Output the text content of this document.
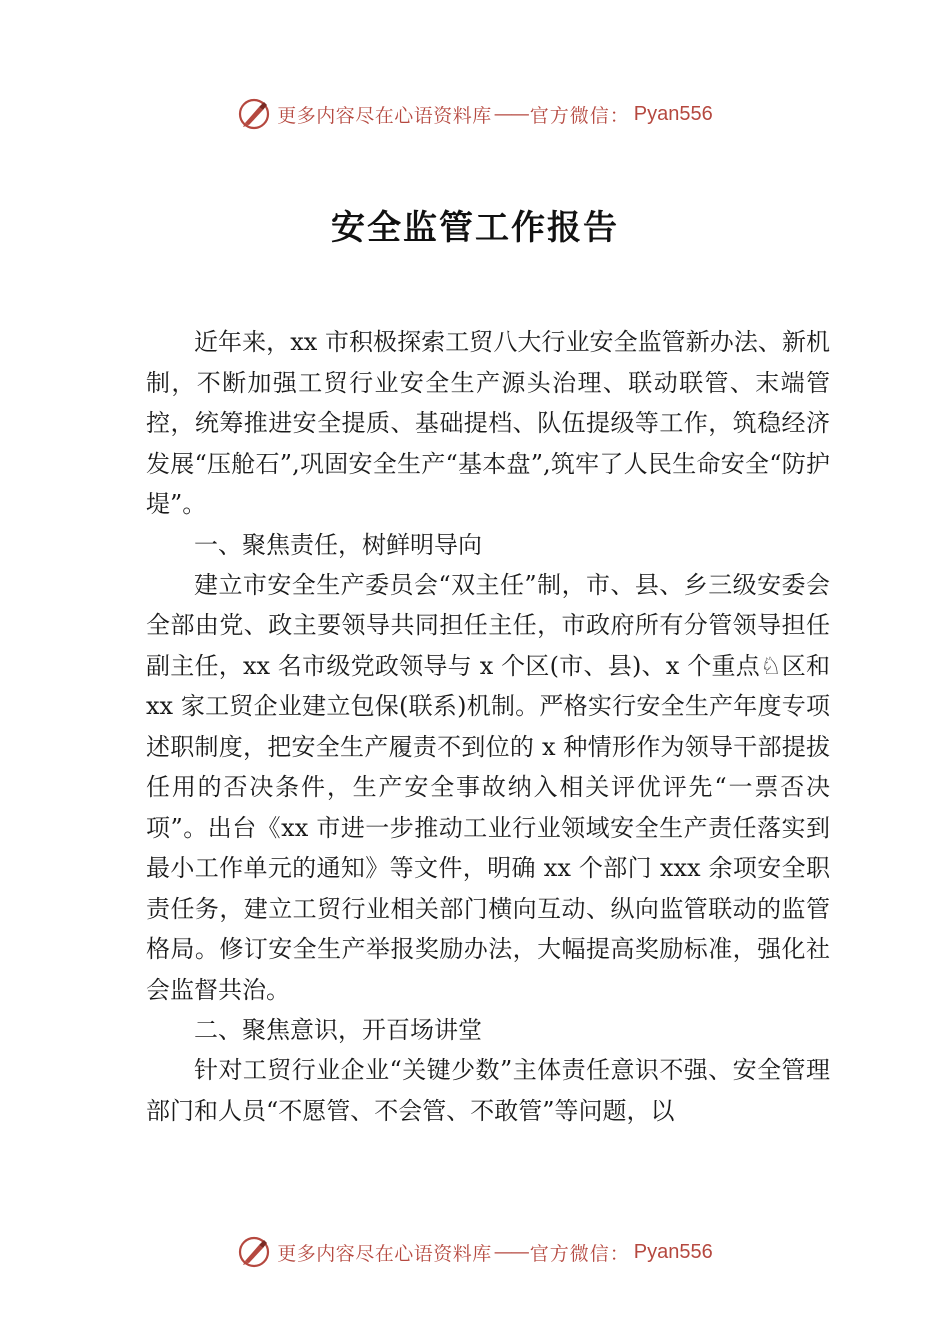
更多内容尽在心语资料库 —— 官方微信： Pyan556
安全监管工作报告

近年来，xx 市积极探索工贸八大行业安全监管新办法、新机制，不断加强工贸行业安全生产源头治理、联动联管、末端管控，统筹推进安全提质、基础提档、队伍提级等工作，筑稳经济发展“压舱石”,巩固安全生产“基本盘”,筑牢了人民生命安全“防护堤”。

一、聚焦责任，树鲜明导向

建立市安全生产委员会“双主任”制，市、县、乡三级安委会全部由党、政主要领导共同担任主任，市政府所有分管领导担任副主任，xx 名市级党政领导与 x 个区(市、县)、x 个重点♘区和 xx 家工贸企业建立包保(联系)机制。严格实行安全生产年度专项述职制度，把安全生产履责不到位的 x 种情形作为领导干部提拔任用的否决条件，生产安全事故纳入相关评优评先“一票否决项”。出台《xx 市进一步推动工业行业领域安全生产责任落实到最小工作单元的通知》等文件，明确 xx 个部门 xxx 余项安全职责任务，建立工贸行业相关部门横向互动、纵向监管联动的监管格局。修订安全生产举报奖励办法，大幅提高奖励标准，强化社会监督共治。

二、聚焦意识，开百场讲堂

针对工贸行业企业“关键少数”主体责任意识不强、安全管理部门和人员“不愿管、不会管、不敢管”等问题，以

更多内容尽在心语资料库 —— 官方微信： Pyan556
